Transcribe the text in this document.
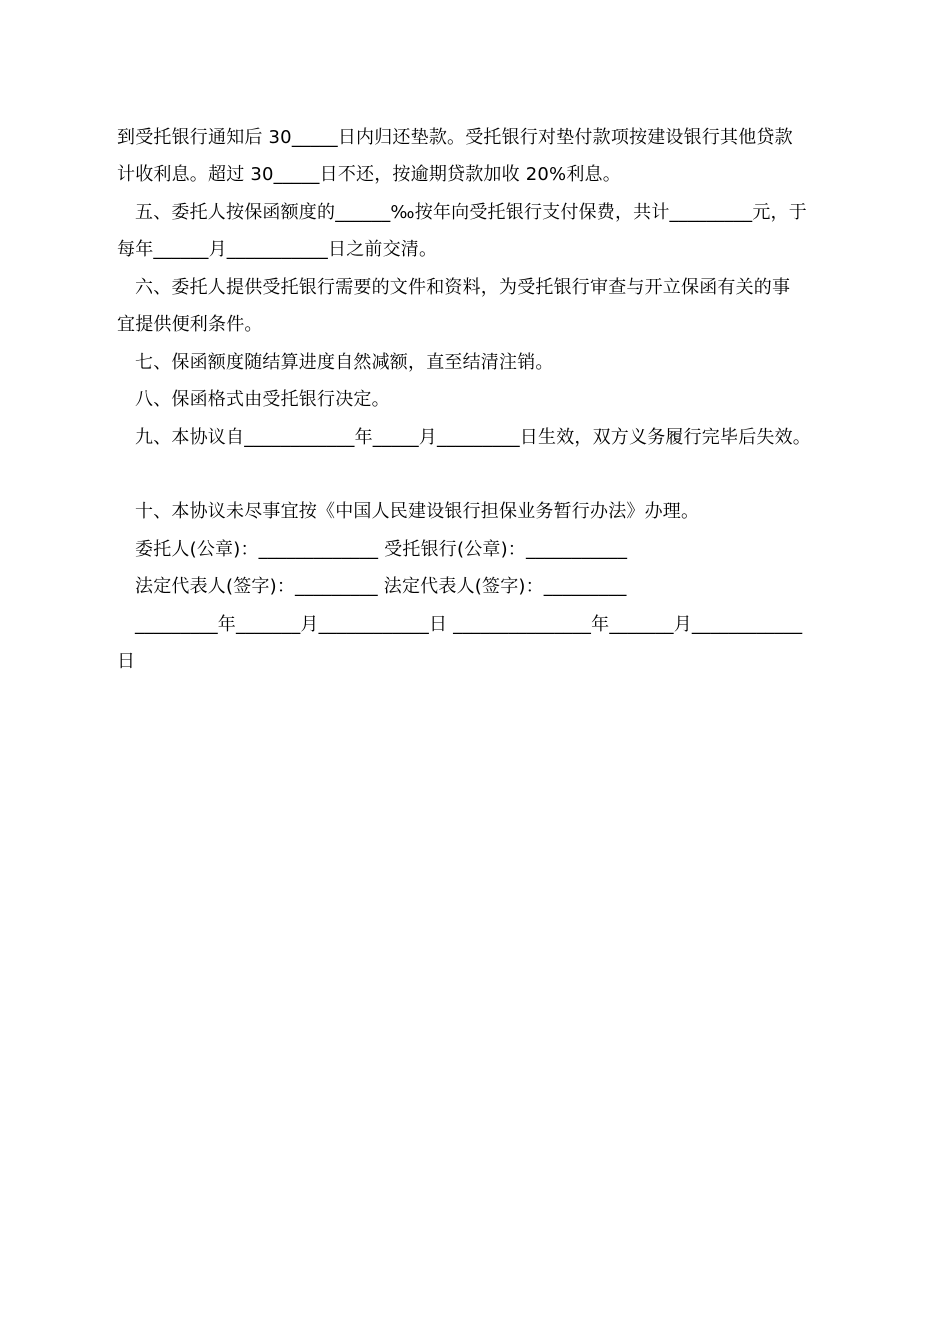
到受托银行通知后 30_____日内归还垫款。受托银行对垫付款项按建设银行其他贷款
计收利息。超过 30_____日不还，按逾期贷款加收 20%利息。
五、委托人按保函额度的______‰按年向受托银行支付保费，共计_________元，于
每年______月___________日之前交清。
六、委托人提供受托银行需要的文件和资料，为受托银行审查与开立保函有关的事
宜提供便利条件。
七、保函额度随结算进度自然减额，直至结清注销。
八、保函格式由受托银行决定。
九、本协议自____________年_____月_________日生效，双方义务履行完毕后失效。
十、本协议未尽事宜按《中国人民建设银行担保业务暂行办法》办理。
委托人(公章)：_____________ 受托银行(公章)：___________
法定代表人(签字)：_________ 法定代表人(签字)：_________
_________年_______月____________日 _______________年_______月____________
日
